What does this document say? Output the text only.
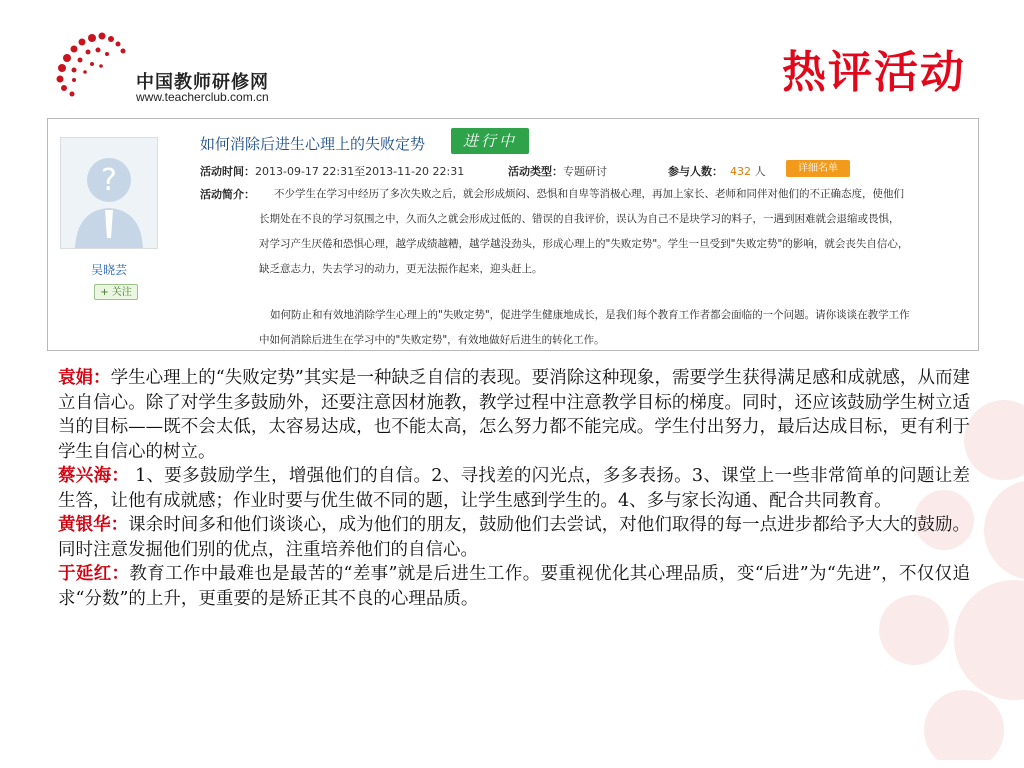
中国教师研修网
www.teacherclub.com.cn	热评活动
?
吴晓芸
+ 关注
如何消除后进生心理上的失败定势	进行中
活动时间：2013-09-17 22:31至2013-11-20 22:31	活动类型：专题研讨	参与人数： 432 人	详细名单
活动简介： 不少学生在学习中经历了多次失败之后，就会形成烦闷、恐惧和自卑等消极心理，再加上家长、老师和同伴对他们的不正确态度，使他们
长期处在不良的学习氛围之中，久而久之就会形成过低的、错误的自我评价，误认为自己不是块学习的料子，一遇到困难就会退缩或畏惧，
对学习产生厌倦和恐惧心理，越学成绩越糟，越学越没劲头，形成心理上的"失败定势"。学生一旦受到"失败定势"的影响，就会丧失自信心，
缺乏意志力，失去学习的动力，更无法振作起来，迎头赶上。
如何防止和有效地消除学生心理上的"失败定势"，促进学生健康地成长，是我们每个教育工作者都会面临的一个问题。请你谈谈在教学工作
中如何消除后进生在学习中的"失败定势"，有效地做好后进生的转化工作。

袁娟：学生心理上的“失败定势”其实是一种缺乏自信的表现。要消除这种现象，需要学生获得满足感和成就感，从而建立自信心。除了对学生多鼓励外，还要注意因材施教，教学过程中注意教学目标的梯度。同时，还应该鼓励学生树立适当的目标——既不会太低，太容易达成，也不能太高，怎么努力都不能完成。学生付出努力，最后达成目标，更有利于学生自信心的树立。

蔡兴海： 1、要多鼓励学生，增强他们的自信。2、寻找差的闪光点，多多表扬。3、课堂上一些非常简单的问题让差生答，让他有成就感；作业时要与优生做不同的题，让学生感到学生的。4、多与家长沟通、配合共同教育。

黄银华：课余时间多和他们谈谈心，成为他们的朋友，鼓励他们去尝试，对他们取得的每一点进步都给予大大的鼓励。同时注意发掘他们别的优点，注重培养他们的自信心。

于延红：教育工作中最难也是最苦的“差事”就是后进生工作。要重视优化其心理品质，变“后进”为“先进”，不仅仅追求“分数”的上升，更重要的是矫正其不良的心理品质。
